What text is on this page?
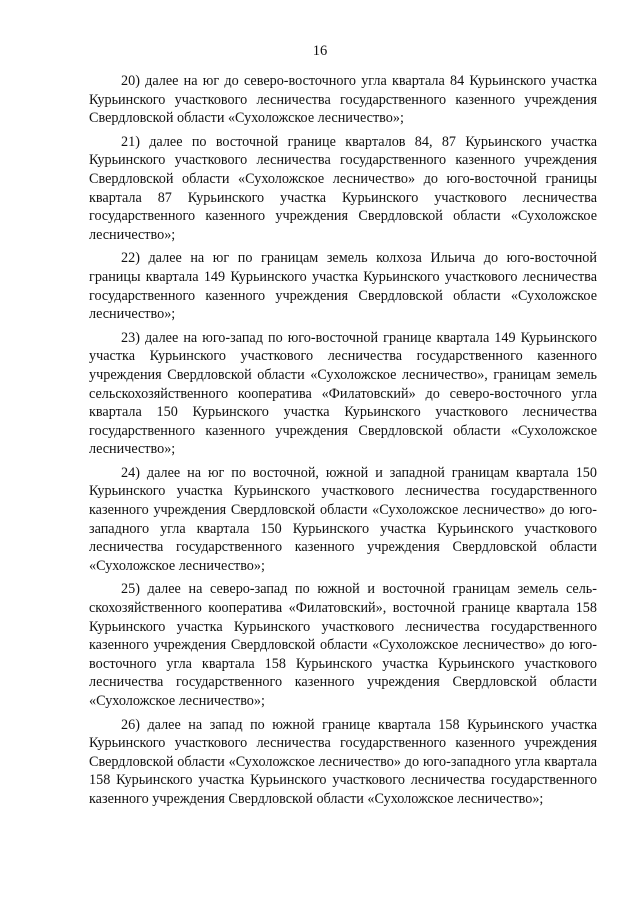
16

20) далее на юг до северо-восточного угла квартала 84 Курьинского участка Курьинского участкового лесничества государственного казенного учреждения Свердловской области «Сухоложское лесничество»;

21) далее по восточной границе кварталов 84, 87 Курьинского участка Курьинского участкового лесничества государственного казенного учреждения Свердловской области «Сухоложское лесничество» до юго-восточной границы квартала 87 Курьинского участка Курьинского участкового лесничества государственного казенного учреждения Свердловской области «Сухоложское лесничество»;

22) далее на юг по границам земель колхоза Ильича до юго-восточной границы квартала 149 Курьинского участка Курьинского участкового лесничества государственного казенного учреждения Свердловской области «Сухоложское лесничество»;

23) далее на юго-запад по юго-восточной границе квартала 149 Курьинского участка Курьинского участкового лесничества государственного казенного учреждения Свердловской области «Сухоложское лесничество», границам земель сельскохозяйственного кооператива «Филатовский» до северо-восточного угла квартала 150 Курьинского участка Курьинского участкового лесничества государственного казенного учреждения Свердловской области «Сухоложское лесничество»;

24) далее на юг по восточной, южной и западной границам квартала 150 Курьинского участка Курьинского участкового лесничества государственного казенного учреждения Свердловской области «Сухоложское лесничество» до юго-западного угла квартала 150 Курьинского участка Курьинского участкового лесничества государственного казенного учреждения Свердловской области «Сухоложское лесничество»;

25) далее на северо-запад по южной и восточной границам земель сельскохозяйственного кооператива «Филатовский», восточной границе квартала 158 Курьинского участка Курьинского участкового лесничества государственного казенного учреждения Свердловской области «Сухоложское лесничество» до юго-восточного угла квартала 158 Курьинского участка Курьинского участкового лесничества государственного казенного учреждения Свердловской области «Сухоложское лесничество»;

26) далее на запад по южной границе квартала 158 Курьинского участка Курьинского участкового лесничества государственного казенного учреждения Свердловской области «Сухоложское лесничество» до юго-западного угла квартала 158 Курьинского участка Курьинского участкового лесничества государственного казенного учреждения Свердловской области «Сухоложское лесничество»;
